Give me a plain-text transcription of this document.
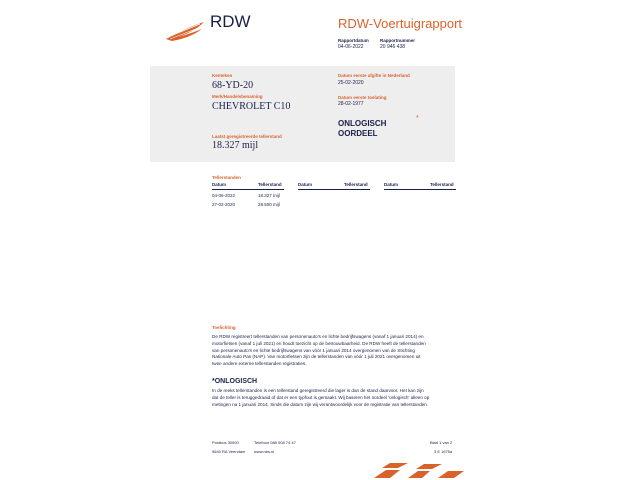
RDW	RDW-Voertuigrapport
Rapportdatum
04-06-2022
Rapportnummer
20 946 438
Kenteken
68-YD-20
Merk/Handelsbenaming
CHEVROLET C10
Laatst geregistreerde tellerstand
18.327 mijl
Datum eerste afgifte in Nederland
25-02-2020
Datum eerste toelating
28-02-1977
ONLOGISCH
OORDEEL
*
Tellerstanden
Datum	Tellerstand	Datum	Tellerstand	Datum	Tellerstand
04-06-2022	18.327 mijl
27-02-2020	28.500 mijl
Toelichting
De RDW registreert tellerstanden van personenauto's en lichte bedrijfswagens (vanaf 1 januari 2014) en
motorfietsen (vanaf 1 juli 2021) en houdt toezicht op de betrouwbaarheid. De RDW heeft de tellerstanden
van personenauto's en lichte bedrijfswagens van vóór 1 januari 2014 overgenomen van de Stichting
Nationale Auto Pas (NAP). Van motorfietsen zijn de tellerstanden van vóór 1 juli 2021 overgenomen uit
twee andere externe tellerstanden registraties.
*ONLOGISCH
In de reeks tellerstanden is een tellerstand geregistreerd die lager is dan de stand daarvoor. Het kan zijn
dat de teller is teruggedraaid of dat er een typfout is gemaakt. Wij baseren het oordeel 'onlogisch' alleen op
metingen na 1 januari 2014. Sinds die datum zijn wij verantwoordelijk voor de registratie van tellerstanden.
Postbus 30000
9640 RA Veendam
Telefoon 088 008 74 47
www.rdw.nl
Blad 1 van 2
3 E 1675a
